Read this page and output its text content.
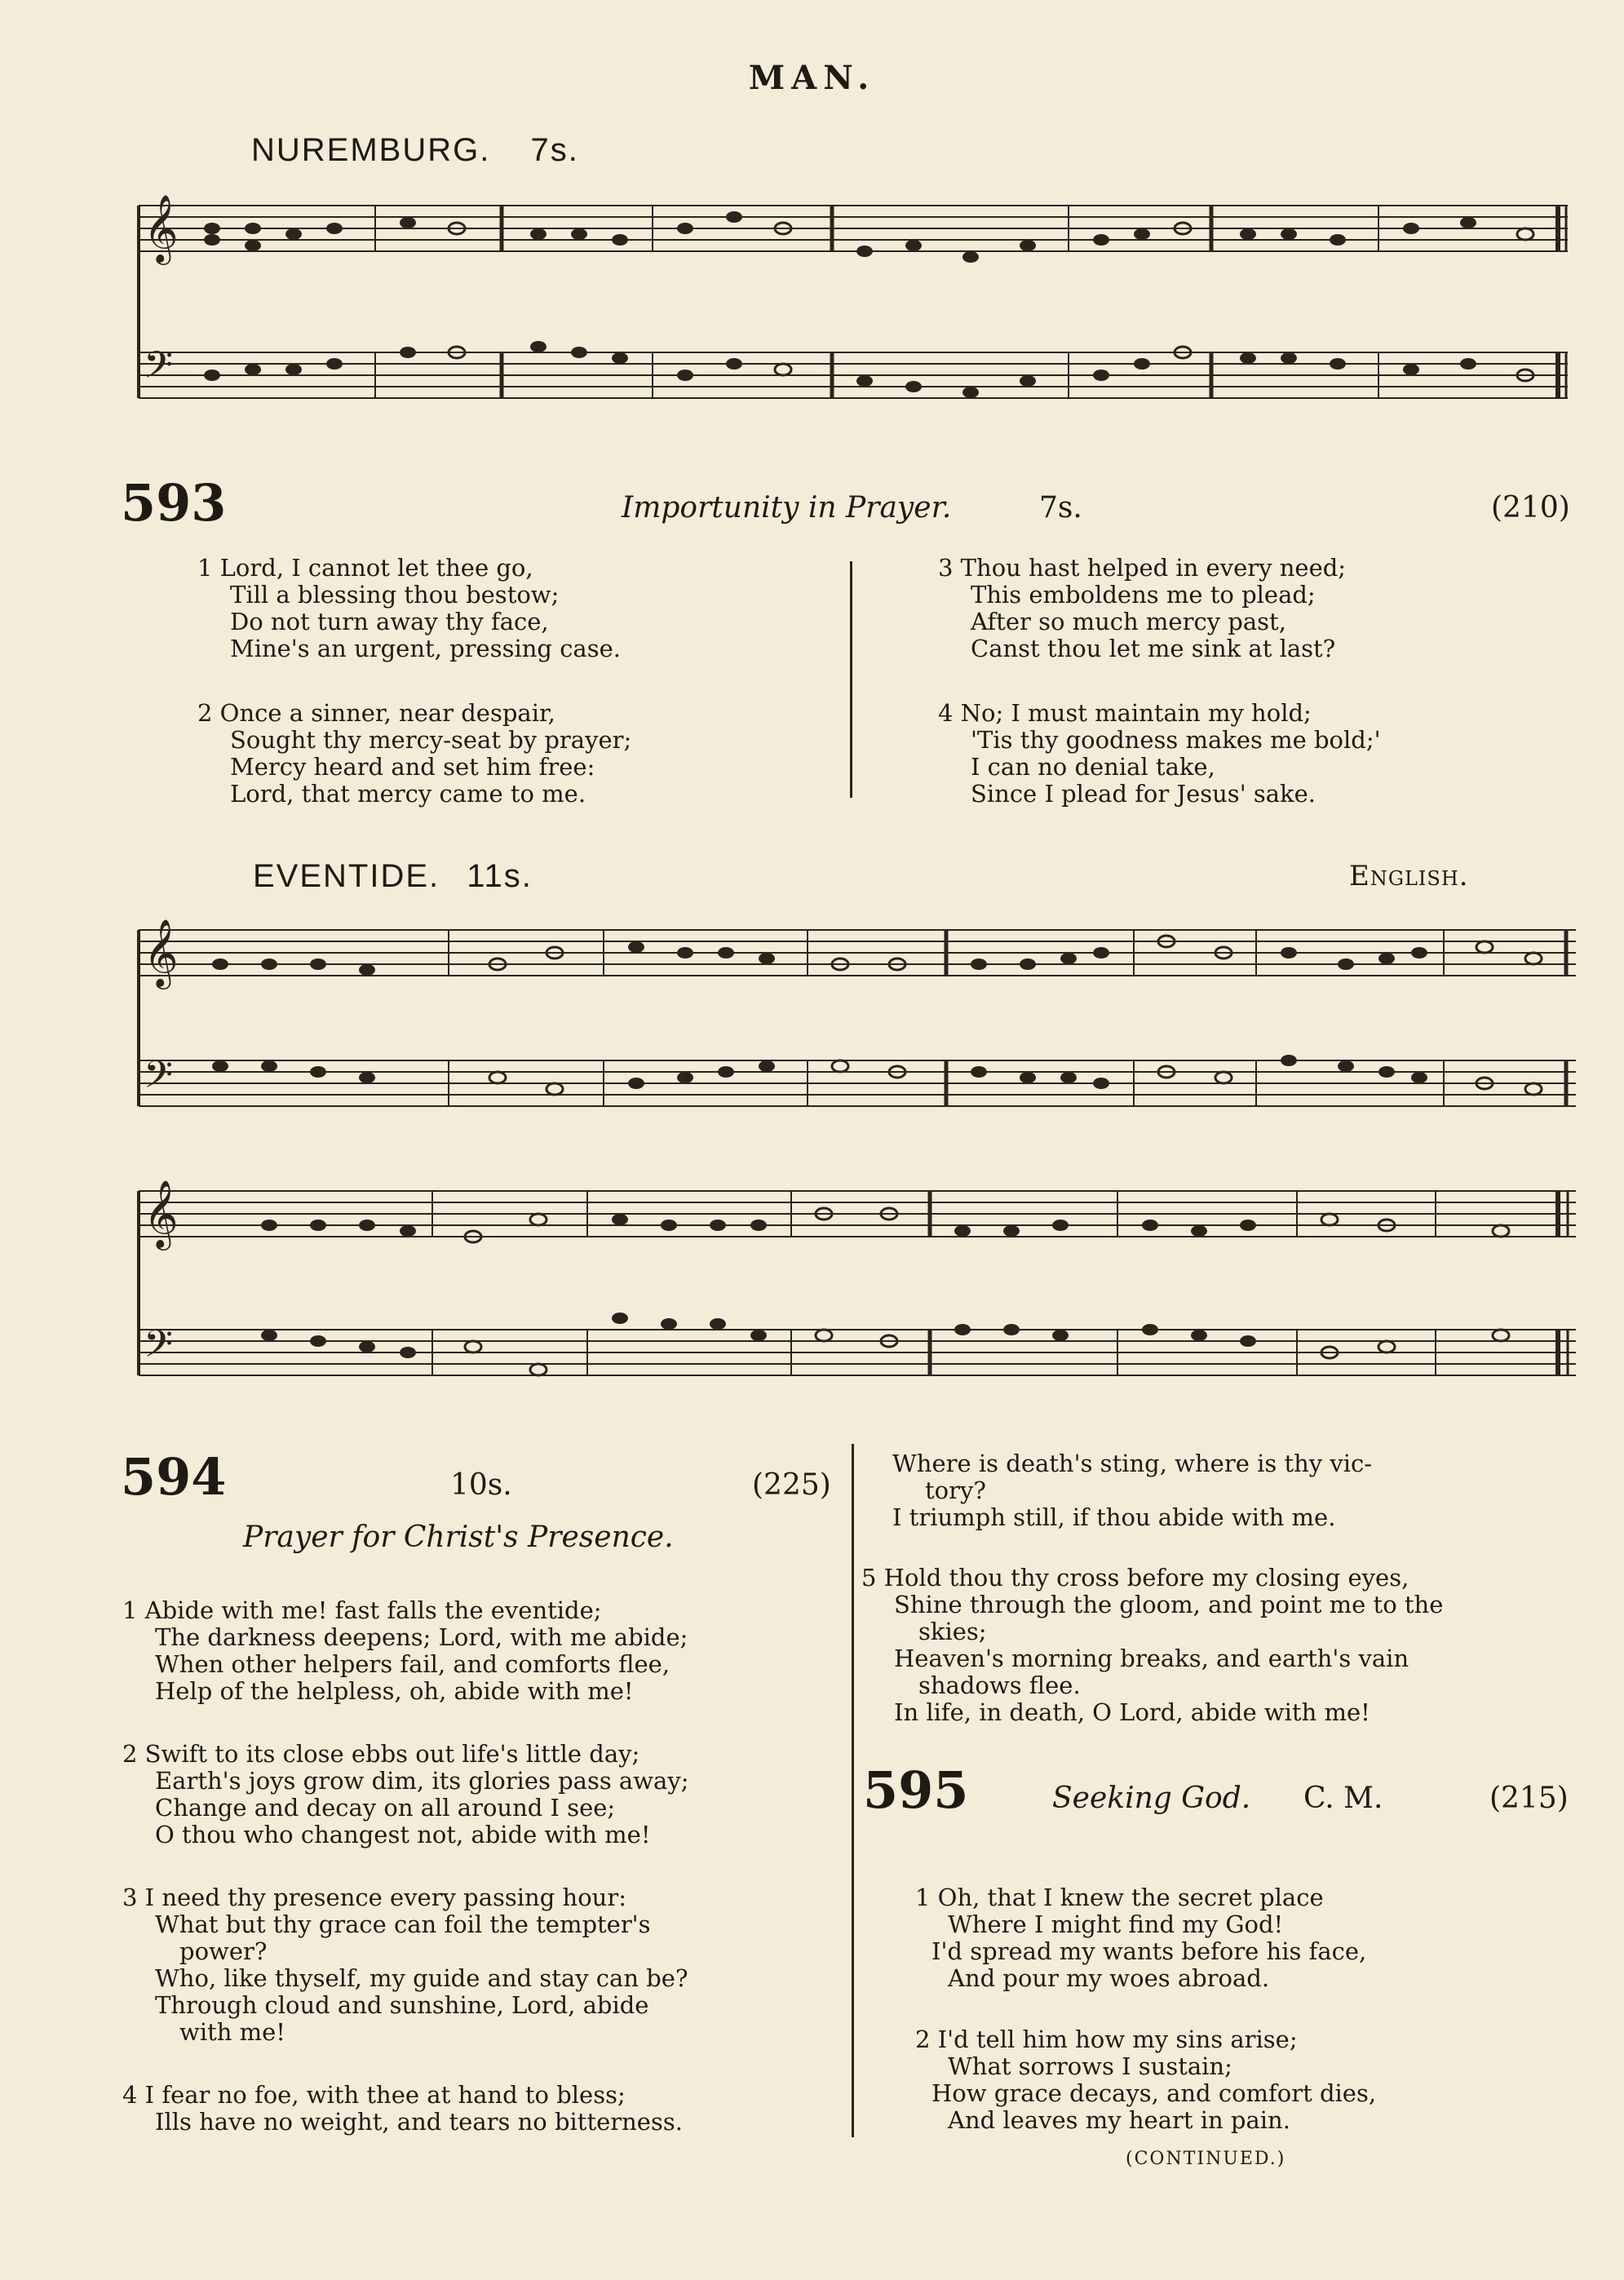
MAN.
NUREMBURG. 7s.
𝄞
𝄢
593	Importunity in Prayer.	7s.	(210)
1 Lord, I cannot let thee go,
Till a blessing thou bestow;
Do not turn away thy face,
Mine's an urgent, pressing case.
2 Once a sinner, near despair,
Sought thy mercy-seat by prayer;
Mercy heard and set him free:
Lord, that mercy came to me.
3 Thou hast helped in every need;
This emboldens me to plead;
After so much mercy past,
Canst thou let me sink at last?
4 No; I must maintain my hold;
'Tis thy goodness makes me bold;'
I can no denial take,
Since I plead for Jesus' sake.
EVENTIDE. 11s.	English.
𝄞
𝄢
𝄞
𝄢
594	10s.	(225)
Prayer for Christ's Presence.
1 Abide with me! fast falls the eventide;
The darkness deepens; Lord, with me abide;
When other helpers fail, and comforts flee,
Help of the helpless, oh, abide with me!
2 Swift to its close ebbs out life's little day;
Earth's joys grow dim, its glories pass away;
Change and decay on all around I see;
O thou who changest not, abide with me!
3 I need thy presence every passing hour:
What but thy grace can foil the tempter's
power?
Who, like thyself, my guide and stay can be?
Through cloud and sunshine, Lord, abide
with me!
4 I fear no foe, with thee at hand to bless;
Ills have no weight, and tears no bitterness.
Where is death's sting, where is thy vic-
tory?
I triumph still, if thou abide with me.
5 Hold thou thy cross before my closing eyes,
Shine through the gloom, and point me to the
skies;
Heaven's morning breaks, and earth's vain
shadows flee.
In life, in death, O Lord, abide with me!
595	Seeking God. C. M.	(215)
1 Oh, that I knew the secret place
Where I might find my God!
I'd spread my wants before his face,
And pour my woes abroad.
2 I'd tell him how my sins arise;
What sorrows I sustain;
How grace decays, and comfort dies,
And leaves my heart in pain.
(CONTINUED.)
